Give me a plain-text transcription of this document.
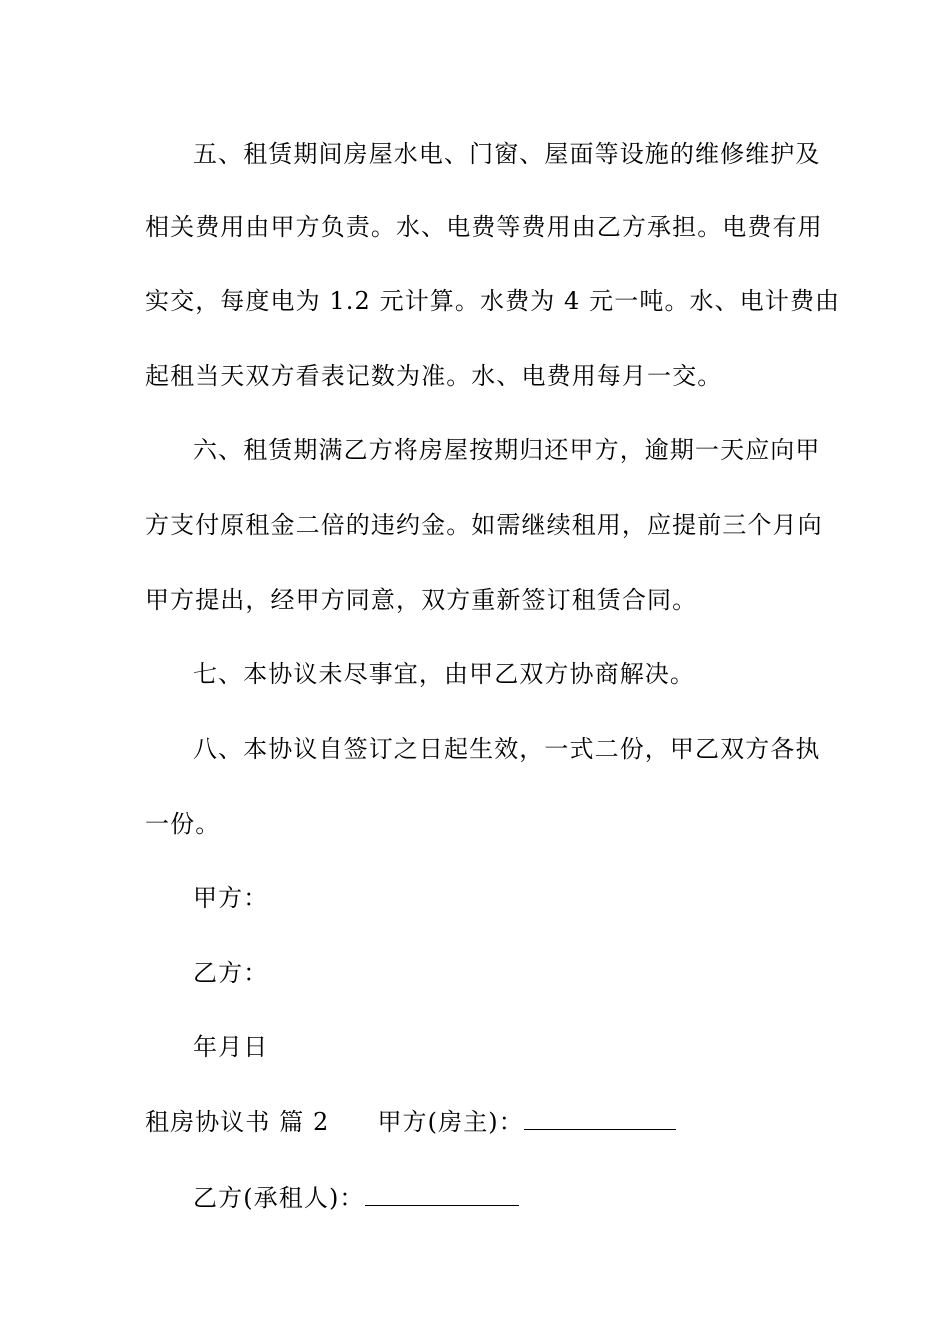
五、租赁期间房屋水电、门窗、屋面等设施的维修维护及
相关费用由甲方负责。水、电费等费用由乙方承担。电费有用
实交，每度电为 1.2 元计算。水费为 4 元一吨。水、电计费由
起租当天双方看表记数为准。水、电费用每月一交。
六、租赁期满乙方将房屋按期归还甲方，逾期一天应向甲
方支付原租金二倍的违约金。如需继续租用，应提前三个月向
甲方提出，经甲方同意，双方重新签订租赁合同。
七、本协议未尽事宜，由甲乙双方协商解决。
八、本协议自签订之日起生效，一式二份，甲乙双方各执
一份。
甲方：
乙方：
年月日
租房协议书 篇 2 甲方(房主)：
乙方(承租人)：
